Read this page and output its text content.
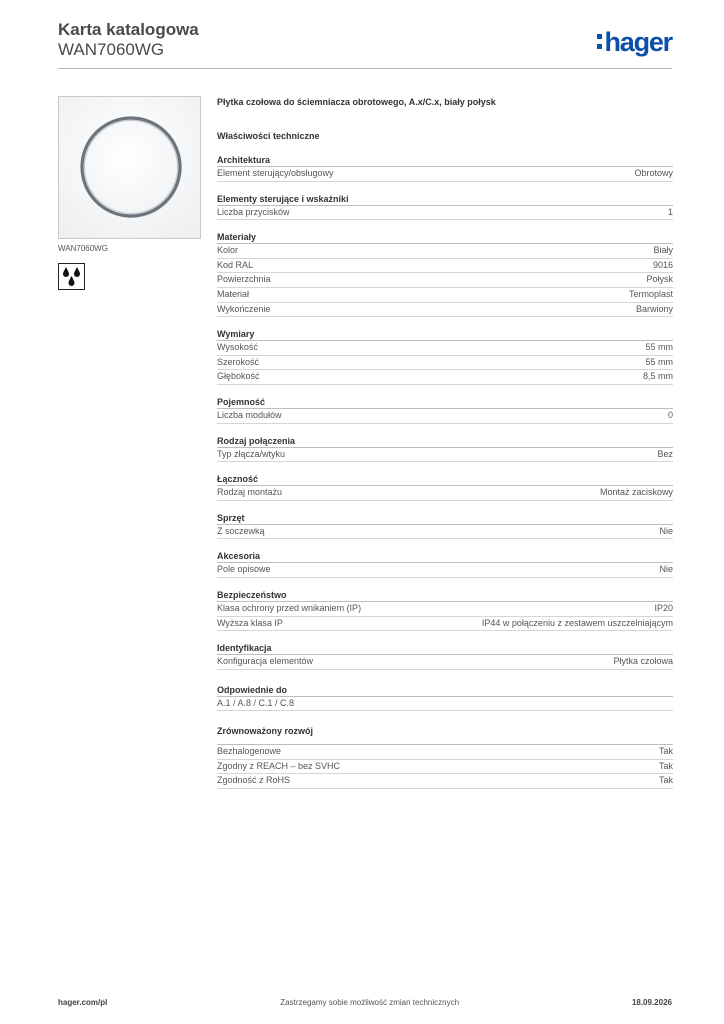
Karta katalogowa
WAN7060WG	hager
WAN7060WG
Płytka czołowa do ściemniacza obrotowego, A.x/C.x, biały połysk
Właściwości techniczne
Architektura
Element sterujący/obsługowy	Obrotowy
Elementy sterujące i wskaźniki
Liczba przycisków	1
Materiały
Kolor	Biały
Kod RAL	9016
Powierzchnia	Połysk
Materiał	Termoplast
Wykończenie	Barwiony
Wymiary
Wysokość	55 mm
Szerokość	55 mm
Głębokość	8,5 mm
Pojemność
Liczba modułów	0
Rodzaj połączenia
Typ złącza/wtyku	Bez
Łączność
Rodzaj montażu	Montaż zaciskowy
Sprzęt
Z soczewką	Nie
Akcesoria
Pole opisowe	Nie
Bezpieczeństwo
Klasa ochrony przed wnikaniem (IP)	IP20
Wyższa klasa IP	IP44 w połączeniu z zestawem uszczelniającym
Identyfikacja
Konfiguracja elementów	Płytka czołowa
Odpowiednie do
A.1 / A.8 / C.1 / C.8
Zrównoważony rozwój
Bezhalogenowe	Tak
Zgodny z REACH – bez SVHC	Tak
Zgodność z RoHS	Tak
hager.com/pl	Zastrzegamy sobie możliwość zmian technicznych	18.09.2026
